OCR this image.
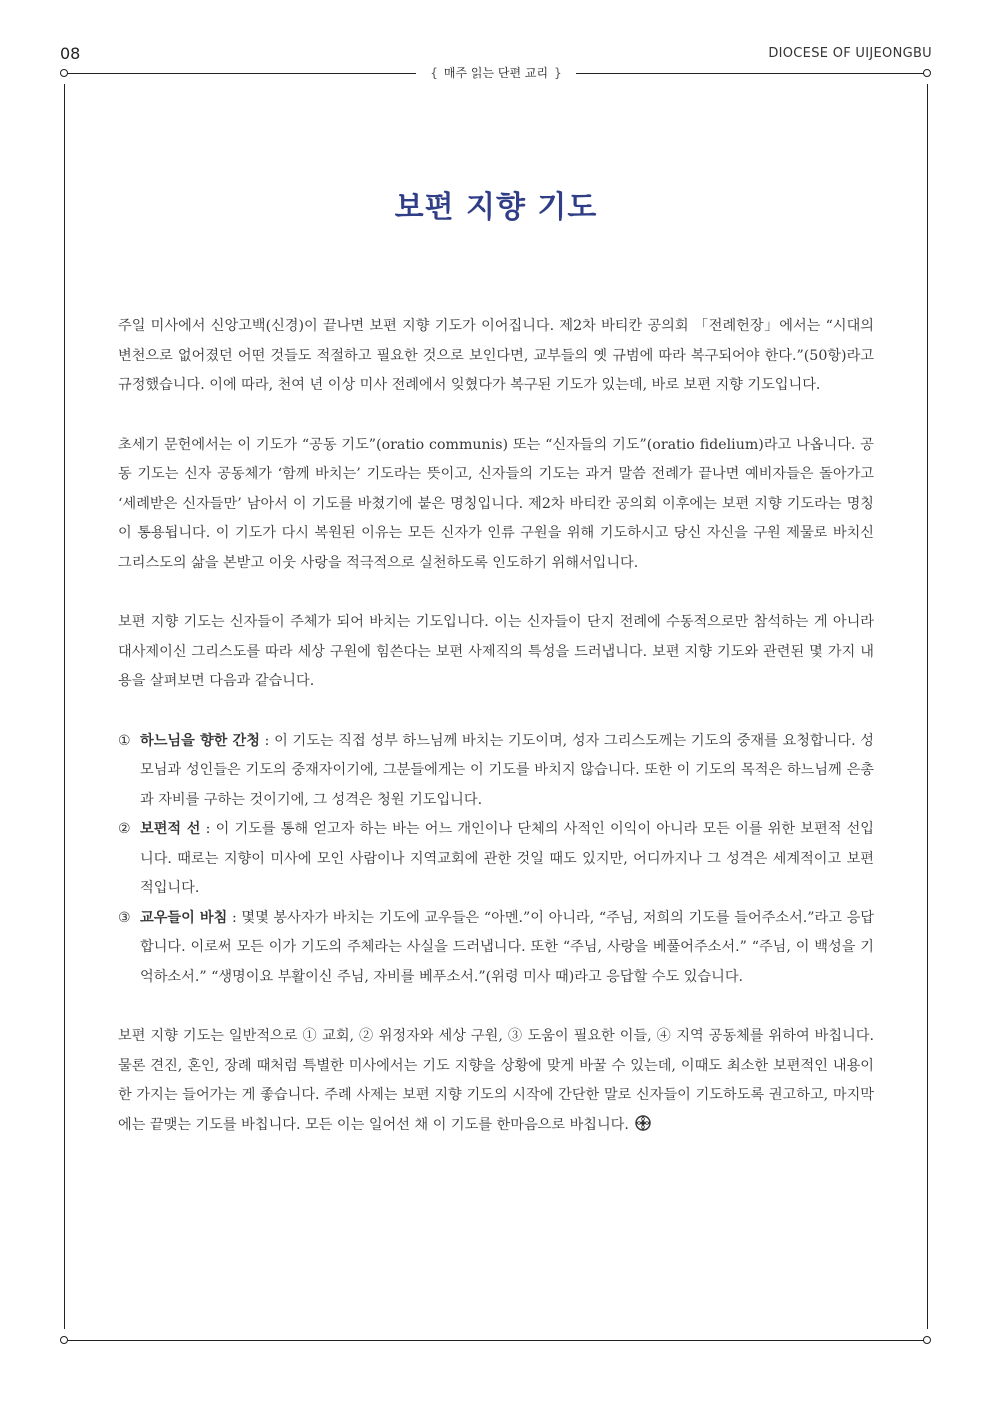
08	DIOCESE OF UIJEONGBU
{ 매주 읽는 단편 교리 }
보편 지향 기도

주일 미사에서 신앙고백(신경)이 끝나면 보편 지향 기도가 이어집니다. 제2차 바티칸 공의회 「전례헌장」에서는 “시대의 변천으로 없어졌던 어떤 것들도 적절하고 필요한 것으로 보인다면, 교부들의 옛 규범에 따라 복구되어야 한다.”(50항)라고 규정했습니다. 이에 따라, 천여 년 이상 미사 전례에서 잊혔다가 복구된 기도가 있는데, 바로 보편 지향 기도입니다.

초세기 문헌에서는 이 기도가 “공동 기도”(oratio communis) 또는 “신자들의 기도”(oratio fidelium)라고 나옵니다. 공동 기도는 신자 공동체가 ‘함께 바치는’ 기도라는 뜻이고, 신자들의 기도는 과거 말씀 전례가 끝나면 예비자들은 돌아가고 ‘세례받은 신자들만’ 남아서 이 기도를 바쳤기에 붙은 명칭입니다. 제2차 바티칸 공의회 이후에는 보편 지향 기도라는 명칭이 통용됩니다. 이 기도가 다시 복원된 이유는 모든 신자가 인류 구원을 위해 기도하시고 당신 자신을 구원 제물로 바치신 그리스도의 삶을 본받고 이웃 사랑을 적극적으로 실천하도록 인도하기 위해서입니다.

보편 지향 기도는 신자들이 주체가 되어 바치는 기도입니다. 이는 신자들이 단지 전례에 수동적으로만 참석하는 게 아니라 대사제이신 그리스도를 따라 세상 구원에 힘쓴다는 보편 사제직의 특성을 드러냅니다. 보편 지향 기도와 관련된 몇 가지 내용을 살펴보면 다음과 같습니다.

① 하느님을 향한 간청 : 이 기도는 직접 성부 하느님께 바치는 기도이며, 성자 그리스도께는 기도의 중재를 요청합니다. 성모님과 성인들은 기도의 중재자이기에, 그분들에게는 이 기도를 바치지 않습니다. 또한 이 기도의 목적은 하느님께 은총과 자비를 구하는 것이기에, 그 성격은 청원 기도입니다.
② 보편적 선 : 이 기도를 통해 얻고자 하는 바는 어느 개인이나 단체의 사적인 이익이 아니라 모든 이를 위한 보편적 선입니다. 때로는 지향이 미사에 모인 사람이나 지역교회에 관한 것일 때도 있지만, 어디까지나 그 성격은 세계적이고 보편적입니다.
③ 교우들이 바침 : 몇몇 봉사자가 바치는 기도에 교우들은 “아멘.”이 아니라, “주님, 저희의 기도를 들어주소서.”라고 응답합니다. 이로써 모든 이가 기도의 주체라는 사실을 드러냅니다. 또한 “주님, 사랑을 베풀어주소서.” “주님, 이 백성을 기억하소서.” “생명이요 부활이신 주님, 자비를 베푸소서.”(위령 미사 때)라고 응답할 수도 있습니다.

보편 지향 기도는 일반적으로 ① 교회, ② 위정자와 세상 구원, ③ 도움이 필요한 이들, ④ 지역 공동체를 위하여 바칩니다. 물론 견진, 혼인, 장례 때처럼 특별한 미사에서는 기도 지향을 상황에 맞게 바꿀 수 있는데, 이때도 최소한 보편적인 내용이 한 가지는 들어가는 게 좋습니다. 주례 사제는 보편 지향 기도의 시작에 간단한 말로 신자들이 기도하도록 권고하고, 마지막에는 끝맺는 기도를 바칩니다. 모든 이는 일어선 채 이 기도를 한마음으로 바칩니다.
